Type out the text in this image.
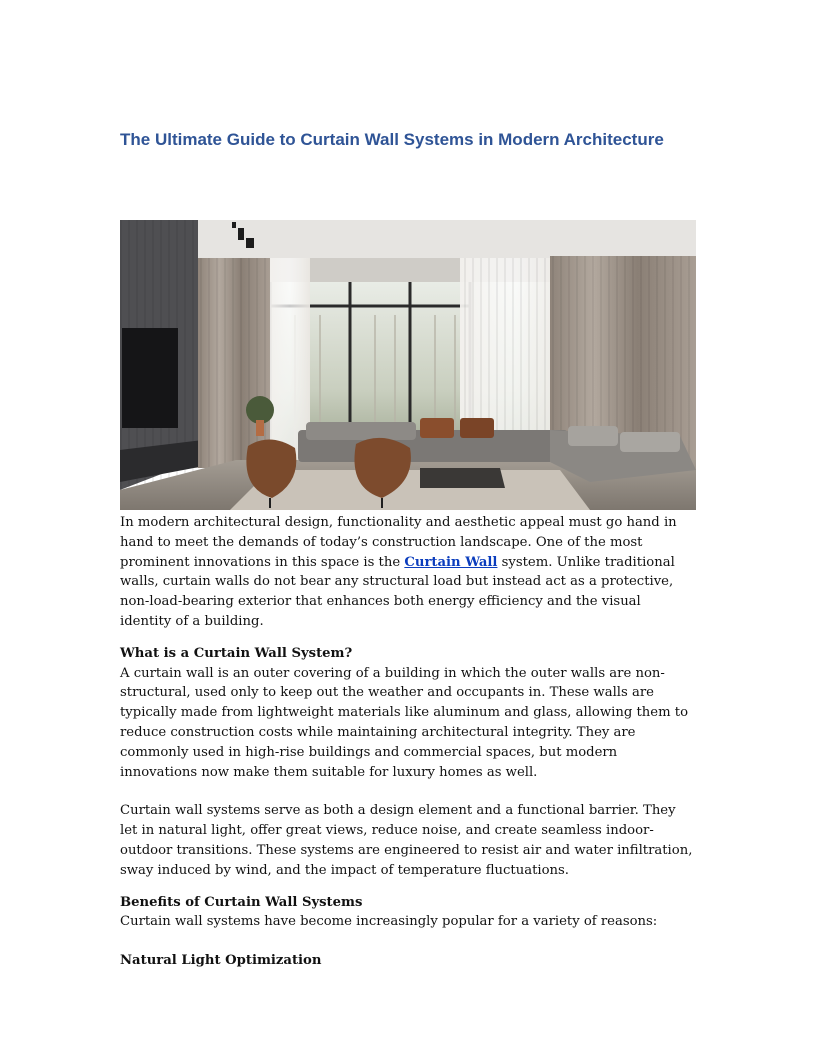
The Ultimate Guide to Curtain Wall Systems in Modern Architecture

In modern architectural design, functionality and aesthetic appeal must go hand in hand to meet the demands of today’s construction landscape. One of the most prominent innovations in this space is the Curtain Wall system. Unlike traditional walls, curtain walls do not bear any structural load but instead act as a protective, non-load-bearing exterior that enhances both energy efficiency and the visual identity of a building.

What is a Curtain Wall System?

A curtain wall is an outer covering of a building in which the outer walls are non-structural, used only to keep out the weather and occupants in. These walls are typically made from lightweight materials like aluminum and glass, allowing them to reduce construction costs while maintaining architectural integrity. They are commonly used in high-rise buildings and commercial spaces, but modern innovations now make them suitable for luxury homes as well.

Curtain wall systems serve as both a design element and a functional barrier. They let in natural light, offer great views, reduce noise, and create seamless indoor-outdoor transitions. These systems are engineered to resist air and water infiltration, sway induced by wind, and the impact of temperature fluctuations.

Benefits of Curtain Wall Systems

Curtain wall systems have become increasingly popular for a variety of reasons:

Natural Light Optimization
